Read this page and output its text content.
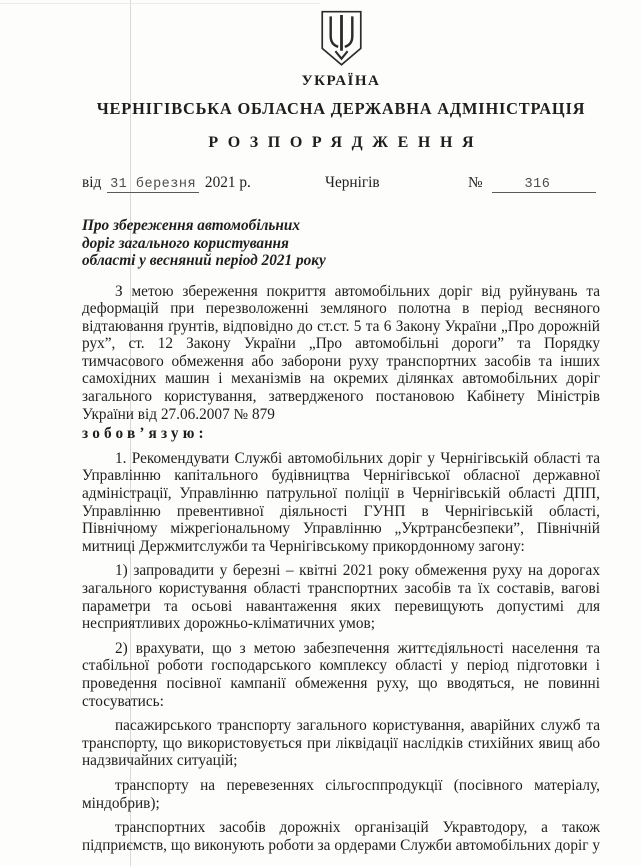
УКРАЇНА
ЧЕРНІГІВСЬКА ОБЛАСНА ДЕРЖАВНА АДМІНІСТРАЦІЯ
РОЗПОРЯДЖЕННЯ
від 31 березня 2021 р.	Чернігів	№	316
Про збереження автомобільних
доріг загального користування
області у весняний період 2021 року

З метою збереження покриття автомобільних доріг від руйнувань та деформацій при перезволоженні земляного полотна в період весняного відтаювання ґрунтів, відповідно до ст.ст. 5 та 6 Закону України „Про дорожній рух”, ст. 12 Закону України „Про автомобільні дороги” та Порядку тимчасового обмеження або заборони руху транспортних засобів та інших самохідних машин і механізмів на окремих ділянках автомобільних доріг загального користування, затвердженого постановою Кабінету Міністрів України від 27.06.2007 № 879

зобов’язую:

1. Рекомендувати Службі автомобільних доріг у Чернігівській області та Управлінню капітального будівництва Чернігівської обласної державної адміністрації, Управлінню патрульної поліції в Чернігівській області ДПП, Управлінню превентивної діяльності ГУНП в Чернігівській області, Північному міжрегіональному Управлінню „Укртрансбезпеки”, Північній митниці Держмитслужби та Чернігівському прикордонному загону:

1) запровадити у березні – квітні 2021 року обмеження руху на дорогах загального користування області транспортних засобів та їх составів, вагові параметри та осьові навантаження яких перевищують допустимі для несприятливих дорожньо-кліматичних умов;

2) врахувати, що з метою забезпечення життєдіяльності населення та стабільної роботи господарського комплексу області у період підготовки і проведення посівної кампанії обмеження руху, що вводяться, не повинні стосуватись:

пасажирського транспорту загального користування, аварійних служб та транспорту, що використовується при ліквідації наслідків стихійних явищ або надзвичайних ситуацій;

транспорту на перевезеннях сільгосппродукції (посівного матеріалу, міндобрив);

транспортних засобів дорожніх організацій Укравтодору, а також підприємств, що виконують роботи за ордерами Служби автомобільних доріг у
